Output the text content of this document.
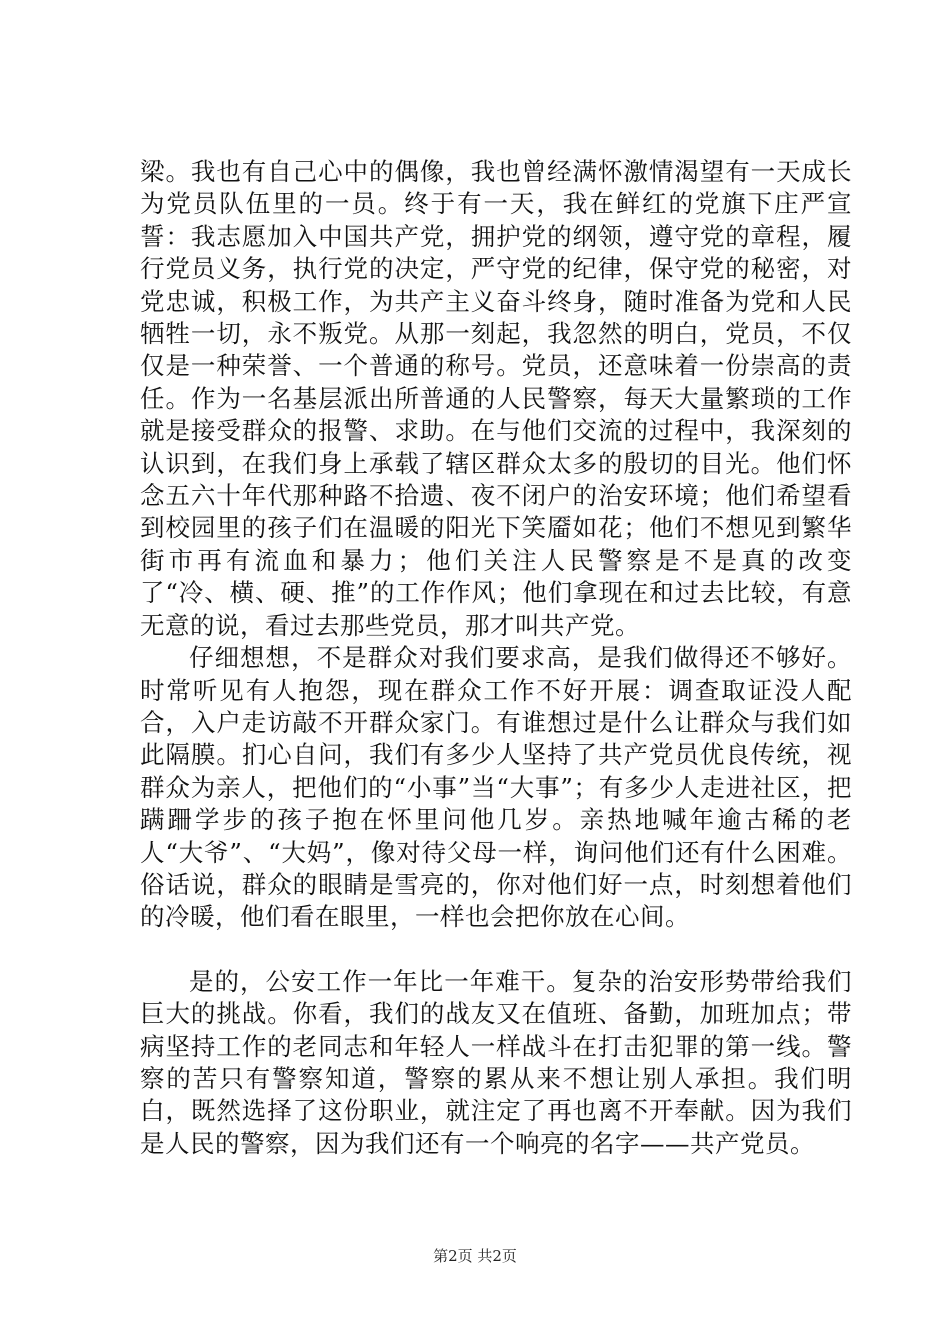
梁。我也有自己心中的偶像，我也曾经满怀激情渴望有一天成长为党员队伍里的一员。终于有一天，我在鲜红的党旗下庄严宣誓：我志愿加入中国共产党，拥护党的纲领，遵守党的章程，履行党员义务，执行党的决定，严守党的纪律，保守党的秘密，对党忠诚，积极工作，为共产主义奋斗终身，随时准备为党和人民牺牲一切，永不叛党。从那一刻起，我忽然的明白，党员，不仅仅是一种荣誉、一个普通的称号。党员，还意味着一份崇高的责任。作为一名基层派出所普通的人民警察，每天大量繁琐的工作就是接受群众的报警、求助。在与他们交流的过程中，我深刻的认识到，在我们身上承载了辖区群众太多的殷切的目光。他们怀念五六十年代那种路不拾遗、夜不闭户的治安环境；他们希望看到校园里的孩子们在温暖的阳光下笑靥如花；他们不想见到繁华街市再有流血和暴力；他们关注人民警察是不是真的改变了“冷、横、硬、推”的工作作风；他们拿现在和过去比较，有意无意的说，看过去那些党员，那才叫共产党。

仔细想想，不是群众对我们要求高，是我们做得还不够好。时常听见有人抱怨，现在群众工作不好开展：调查取证没人配合，入户走访敲不开群众家门。有谁想过是什么让群众与我们如此隔膜。扪心自问，我们有多少人坚持了共产党员优良传统，视群众为亲人，把他们的“小事”当“大事”；有多少人走进社区，把蹒跚学步的孩子抱在怀里问他几岁。亲热地喊年逾古稀的老人“大爷”、“大妈”，像对待父母一样，询问他们还有什么困难。俗话说，群众的眼睛是雪亮的，你对他们好一点，时刻想着他们的冷暖，他们看在眼里，一样也会把你放在心间。

是的，公安工作一年比一年难干。复杂的治安形势带给我们巨大的挑战。你看，我们的战友又在值班、备勤，加班加点；带病坚持工作的老同志和年轻人一样战斗在打击犯罪的第一线。警察的苦只有警察知道，警察的累从来不想让别人承担。我们明白，既然选择了这份职业，就注定了再也离不开奉献。因为我们是人民的警察，因为我们还有一个响亮的名字——共产党员。

第2页 共2页
